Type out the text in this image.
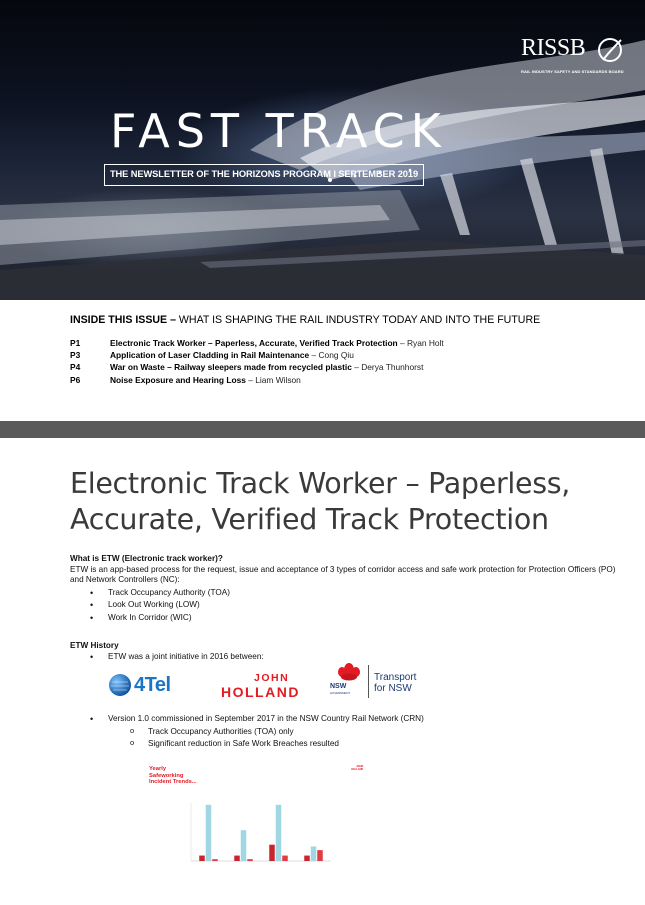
RISSB
RAIL INDUSTRY SAFETY AND STANDARDS BOARD
FAST TRACK
THE NEWSLETTER OF THE HORIZONS PROGRAM I SEPTEMBER 2019
INSIDE THIS ISSUE – WHAT IS SHAPING THE RAIL INDUSTRY TODAY AND INTO THE FUTURE
P1	Electronic Track Worker – Paperless, Accurate, Verified Track Protection – Ryan Holt
P3	Application of Laser Cladding in Rail Maintenance – Cong Qiu
P4	War on Waste – Railway sleepers made from recycled plastic – Derya Thunhorst
P6	Noise Exposure and Hearing Loss – Liam Wilson
Electronic Track Worker – Paperless,
Accurate, Verified Track Protection
What is ETW (Electronic track worker)?
ETW is an app-based process for the request, issue and acceptance of 3 types of corridor access and safe work protection for Protection Officers (PO) and Network Controllers (NC):
• Track Occupancy Authority (TOA)
• Look Out Working (LOW)
• Work In Corridor (WIC)
ETW History
• ETW was a joint initiative in 2016 between:
4Tel	JOHN
HOLLAND	NSW
GOVERNMENT
Transport
for NSW
• Version 1.0 commissioned in September 2017 in the NSW Country Rail Network (CRN)
o Track Occupancy Authorities (TOA) only
o Significant reduction in Safe Work Breaches resulted
Yearly
Safeworking
Incident Trends...
JOHN
HOLLAND
